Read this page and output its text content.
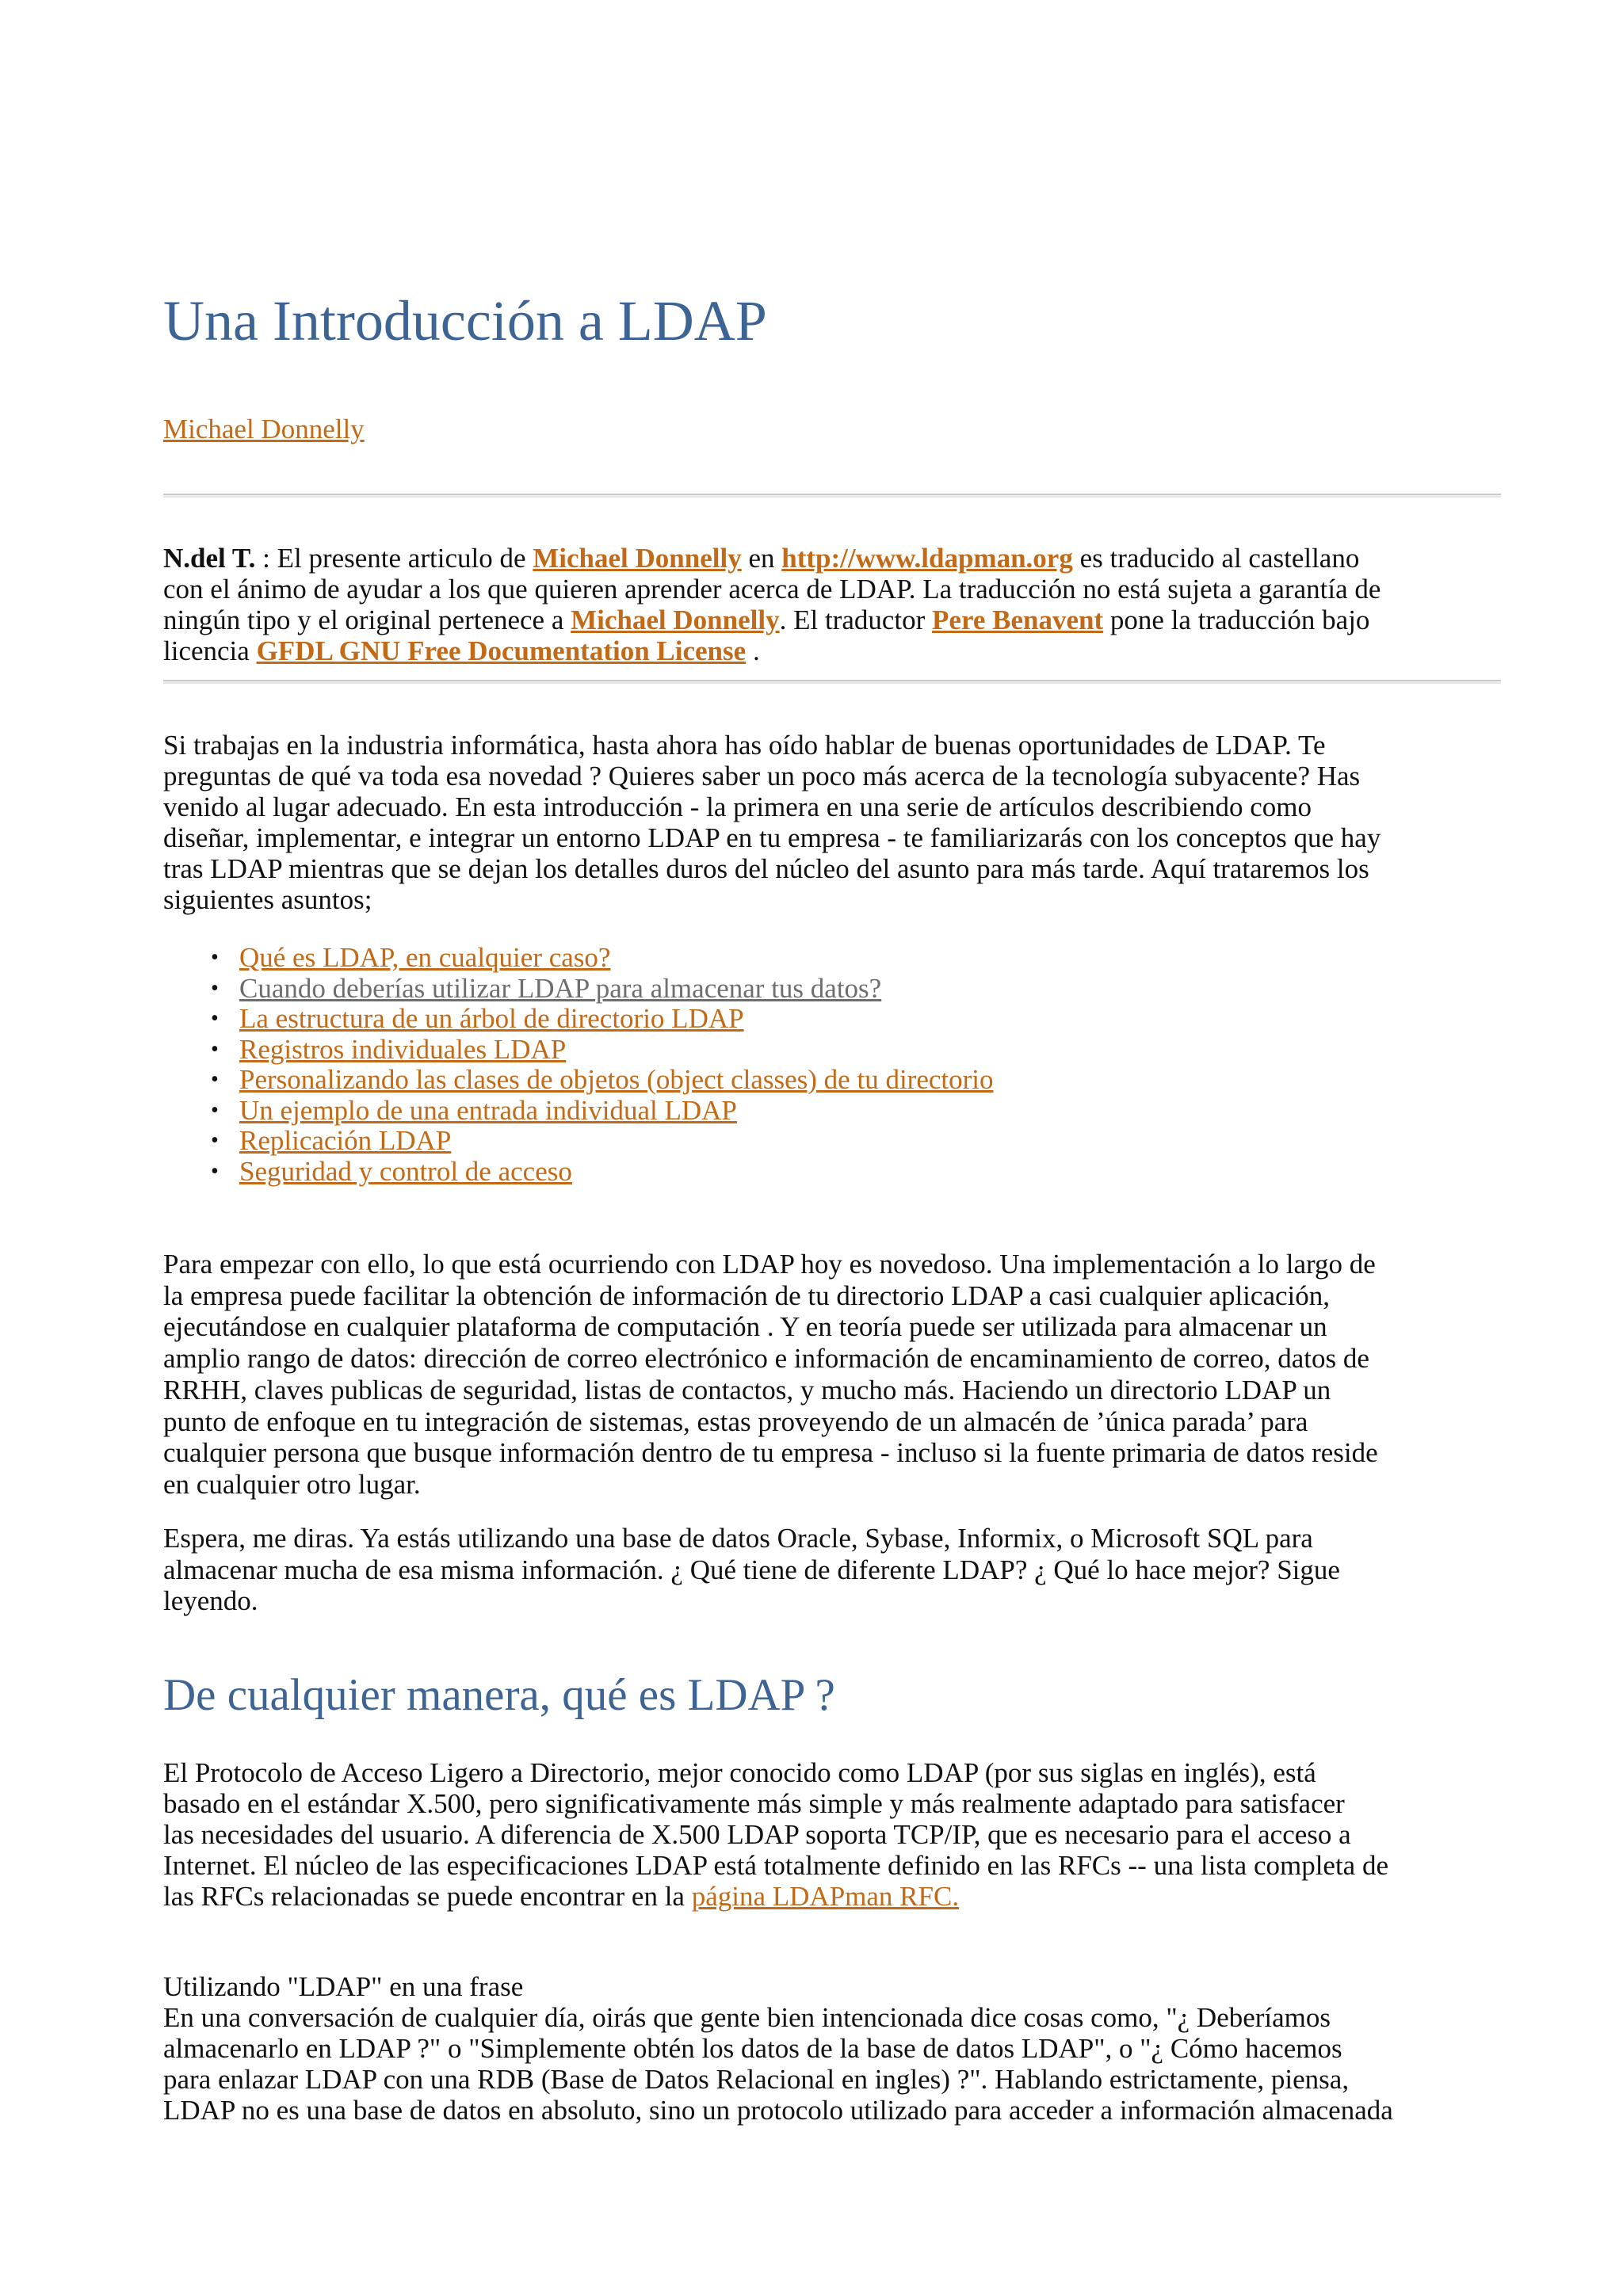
Una Introducción a LDAP
Michael Donnelly
N.del T. : El presente articulo de Michael Donnelly en http://www.ldapman.org es traducido al castellano
con el ánimo de ayudar a los que quieren aprender acerca de LDAP. La traducción no está sujeta a garantía de
ningún tipo y el original pertenece a Michael Donnelly. El traductor Pere Benavent pone la traducción bajo
licencia GFDL GNU Free Documentation License .
Si trabajas en la industria informática, hasta ahora has oído hablar de buenas oportunidades de LDAP. Te
preguntas de qué va toda esa novedad ? Quieres saber un poco más acerca de la tecnología subyacente? Has
venido al lugar adecuado. En esta introducción - la primera en una serie de artículos describiendo como
diseñar, implementar, e integrar un entorno LDAP en tu empresa - te familiarizarás con los conceptos que hay
tras LDAP mientras que se dejan los detalles duros del núcleo del asunto para más tarde. Aquí trataremos los
siguientes asuntos;
• Qué es LDAP, en cualquier caso?
• Cuando deberías utilizar LDAP para almacenar tus datos?
• La estructura de un árbol de directorio LDAP
• Registros individuales LDAP
• Personalizando las clases de objetos (object classes) de tu directorio
• Un ejemplo de una entrada individual LDAP
• Replicación LDAP
• Seguridad y control de acceso
Para empezar con ello, lo que está ocurriendo con LDAP hoy es novedoso. Una implementación a lo largo de
la empresa puede facilitar la obtención de información de tu directorio LDAP a casi cualquier aplicación,
ejecutándose en cualquier plataforma de computación . Y en teoría puede ser utilizada para almacenar un
amplio rango de datos: dirección de correo electrónico e información de encaminamiento de correo, datos de
RRHH, claves publicas de seguridad, listas de contactos, y mucho más. Haciendo un directorio LDAP un
punto de enfoque en tu integración de sistemas, estas proveyendo de un almacén de ’única parada’ para
cualquier persona que busque información dentro de tu empresa - incluso si la fuente primaria de datos reside
en cualquier otro lugar.
Espera, me diras. Ya estás utilizando una base de datos Oracle, Sybase, Informix, o Microsoft SQL para
almacenar mucha de esa misma información. ¿ Qué tiene de diferente LDAP? ¿ Qué lo hace mejor? Sigue
leyendo.
De cualquier manera, qué es LDAP ?
El Protocolo de Acceso Ligero a Directorio, mejor conocido como LDAP (por sus siglas en inglés), está
basado en el estándar X.500, pero significativamente más simple y más realmente adaptado para satisfacer
las necesidades del usuario. A diferencia de X.500 LDAP soporta TCP/IP, que es necesario para el acceso a
Internet. El núcleo de las especificaciones LDAP está totalmente definido en las RFCs -- una lista completa de
las RFCs relacionadas se puede encontrar en la página LDAPman RFC.
Utilizando "LDAP" en una frase
En una conversación de cualquier día, oirás que gente bien intencionada dice cosas como, "¿ Deberíamos
almacenarlo en LDAP ?" o "Simplemente obtén los datos de la base de datos LDAP", o "¿ Cómo hacemos
para enlazar LDAP con una RDB (Base de Datos Relacional en ingles) ?". Hablando estrictamente, piensa,
LDAP no es una base de datos en absoluto, sino un protocolo utilizado para acceder a información almacenada
